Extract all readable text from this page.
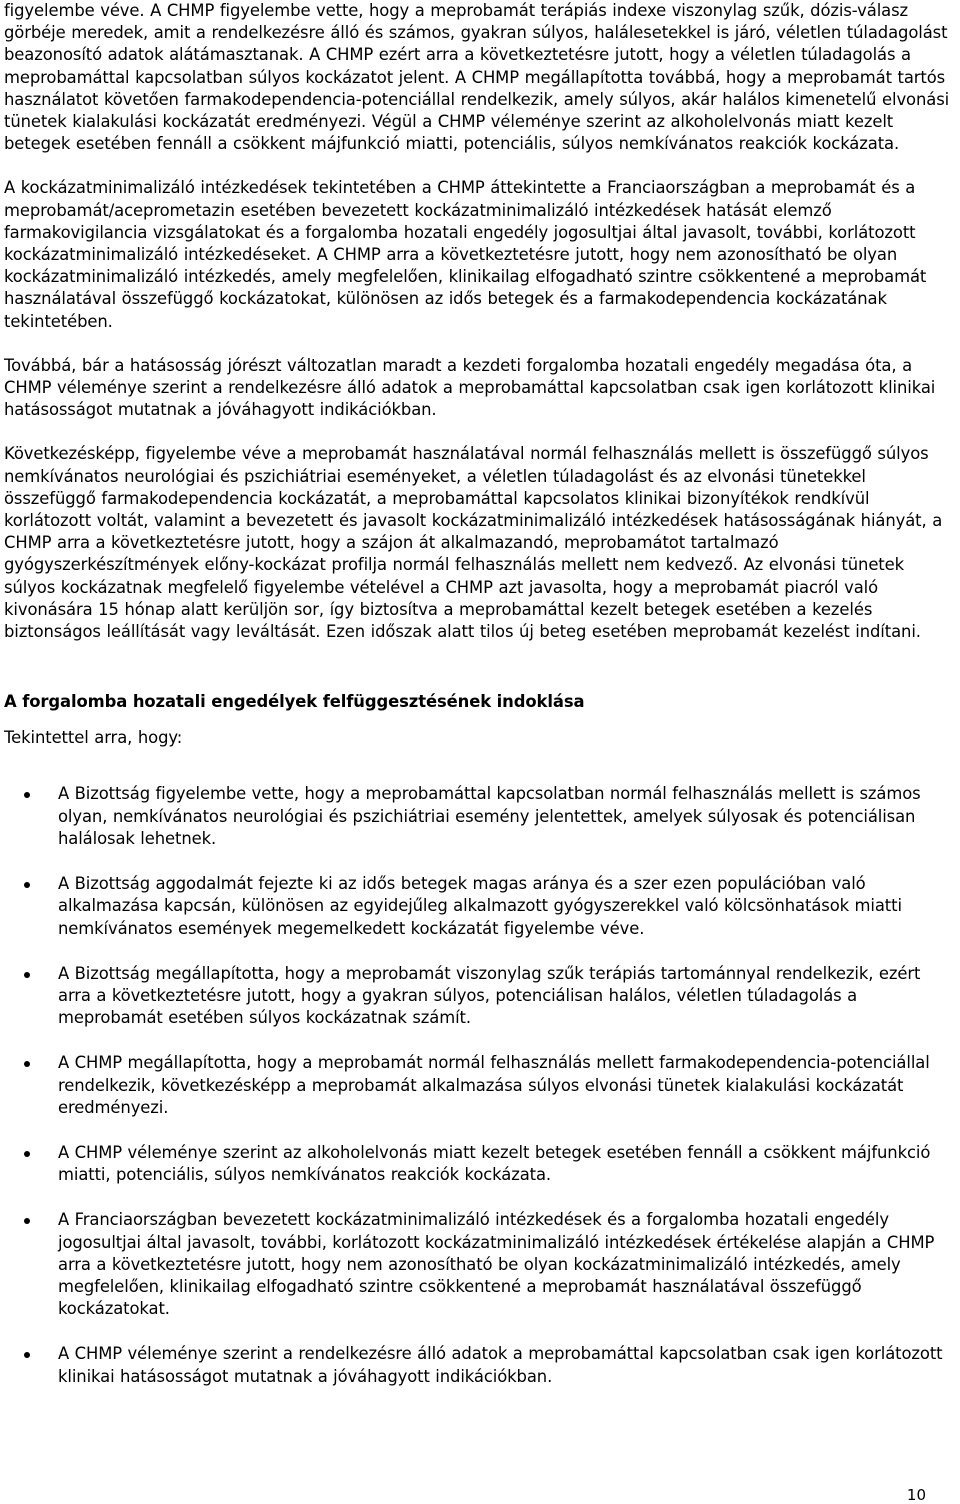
figyelembe véve. A CHMP figyelembe vette, hogy a meprobamát terápiás indexe viszonylag szűk, dózis-válasz görbéje meredek, amit a rendelkezésre álló és számos, gyakran súlyos, halálesetekkel is járó, véletlen túladagolást beazonosító adatok alátámasztanak. A CHMP ezért arra a következtetésre jutott, hogy a véletlen túladagolás a meprobamáttal kapcsolatban súlyos kockázatot jelent. A CHMP megállapította továbbá, hogy a meprobamát tartós használatot követően farmakodependencia-potenciállal rendelkezik, amely súlyos, akár halálos kimenetelű elvonási tünetek kialakulási kockázatát eredményezi. Végül a CHMP véleménye szerint az alkoholelvonás miatt kezelt betegek esetében fennáll a csökkent májfunkció miatti, potenciális, súlyos nemkívánatos reakciók kockázata.

A kockázatminimalizáló intézkedések tekintetében a CHMP áttekintette a Franciaországban a meprobamát és a meprobamát/aceprometazin esetében bevezetett kockázatminimalizáló intézkedések hatását elemző farmakovigilancia vizsgálatokat és a forgalomba hozatali engedély jogosultjai által javasolt, további, korlátozott kockázatminimalizáló intézkedéseket. A CHMP arra a következtetésre jutott, hogy nem azonosítható be olyan kockázatminimalizáló intézkedés, amely megfelelően, klinikailag elfogadható szintre csökkentené a meprobamát használatával összefüggő kockázatokat, különösen az idős betegek és a farmakodependencia kockázatának tekintetében.

Továbbá, bár a hatásosság jórészt változatlan maradt a kezdeti forgalomba hozatali engedély megadása óta, a CHMP véleménye szerint a rendelkezésre álló adatok a meprobamáttal kapcsolatban csak igen korlátozott klinikai hatásosságot mutatnak a jóváhagyott indikációkban.

Következésképp, figyelembe véve a meprobamát használatával normál felhasználás mellett is összefüggő súlyos nemkívánatos neurológiai és pszichiátriai eseményeket, a véletlen túladagolást és az elvonási tünetekkel összefüggő farmakodependencia kockázatát, a meprobamáttal kapcsolatos klinikai bizonyítékok rendkívül korlátozott voltát, valamint a bevezetett és javasolt kockázatminimalizáló intézkedések hatásosságának hiányát, a CHMP arra a következtetésre jutott, hogy a szájon át alkalmazandó, meprobamátot tartalmazó gyógyszerkészítmények előny-kockázat profilja normál felhasználás mellett nem kedvező. Az elvonási tünetek súlyos kockázatnak megfelelő figyelembe vételével a CHMP azt javasolta, hogy a meprobamát piacról való kivonására 15 hónap alatt kerüljön sor, így biztosítva a meprobamáttal kezelt betegek esetében a kezelés biztonságos leállítását vagy leváltását. Ezen időszak alatt tilos új beteg esetében meprobamát kezelést indítani.

A forgalomba hozatali engedélyek felfüggesztésének indoklása

Tekintettel arra, hogy:

A Bizottság figyelembe vette, hogy a meprobamáttal kapcsolatban normál felhasználás mellett is számos olyan, nemkívánatos neurológiai és pszichiátriai esemény jelentettek, amelyek súlyosak és potenciálisan halálosak lehetnek.
A Bizottság aggodalmát fejezte ki az idős betegek magas aránya és a szer ezen populációban való alkalmazása kapcsán, különösen az egyidejűleg alkalmazott gyógyszerekkel való kölcsönhatások miatti nemkívánatos események megemelkedett kockázatát figyelembe véve.
A Bizottság megállapította, hogy a meprobamát viszonylag szűk terápiás tartománnyal rendelkezik, ezért arra a következtetésre jutott, hogy a gyakran súlyos, potenciálisan halálos, véletlen túladagolás a meprobamát esetében súlyos kockázatnak számít.
A CHMP megállapította, hogy a meprobamát normál felhasználás mellett farmakodependencia-potenciállal rendelkezik, következésképp a meprobamát alkalmazása súlyos elvonási tünetek kialakulási kockázatát eredményezi.
A CHMP véleménye szerint az alkoholelvonás miatt kezelt betegek esetében fennáll a csökkent májfunkció miatti, potenciális, súlyos nemkívánatos reakciók kockázata.
A Franciaországban bevezetett kockázatminimalizáló intézkedések és a forgalomba hozatali engedély jogosultjai által javasolt, további, korlátozott kockázatminimalizáló intézkedések értékelése alapján a CHMP arra a következtetésre jutott, hogy nem azonosítható be olyan kockázatminimalizáló intézkedés, amely megfelelően, klinikailag elfogadható szintre csökkentené a meprobamát használatával összefüggő kockázatokat.
A CHMP véleménye szerint a rendelkezésre álló adatok a meprobamáttal kapcsolatban csak igen korlátozott klinikai hatásosságot mutatnak a jóváhagyott indikációkban.
10
